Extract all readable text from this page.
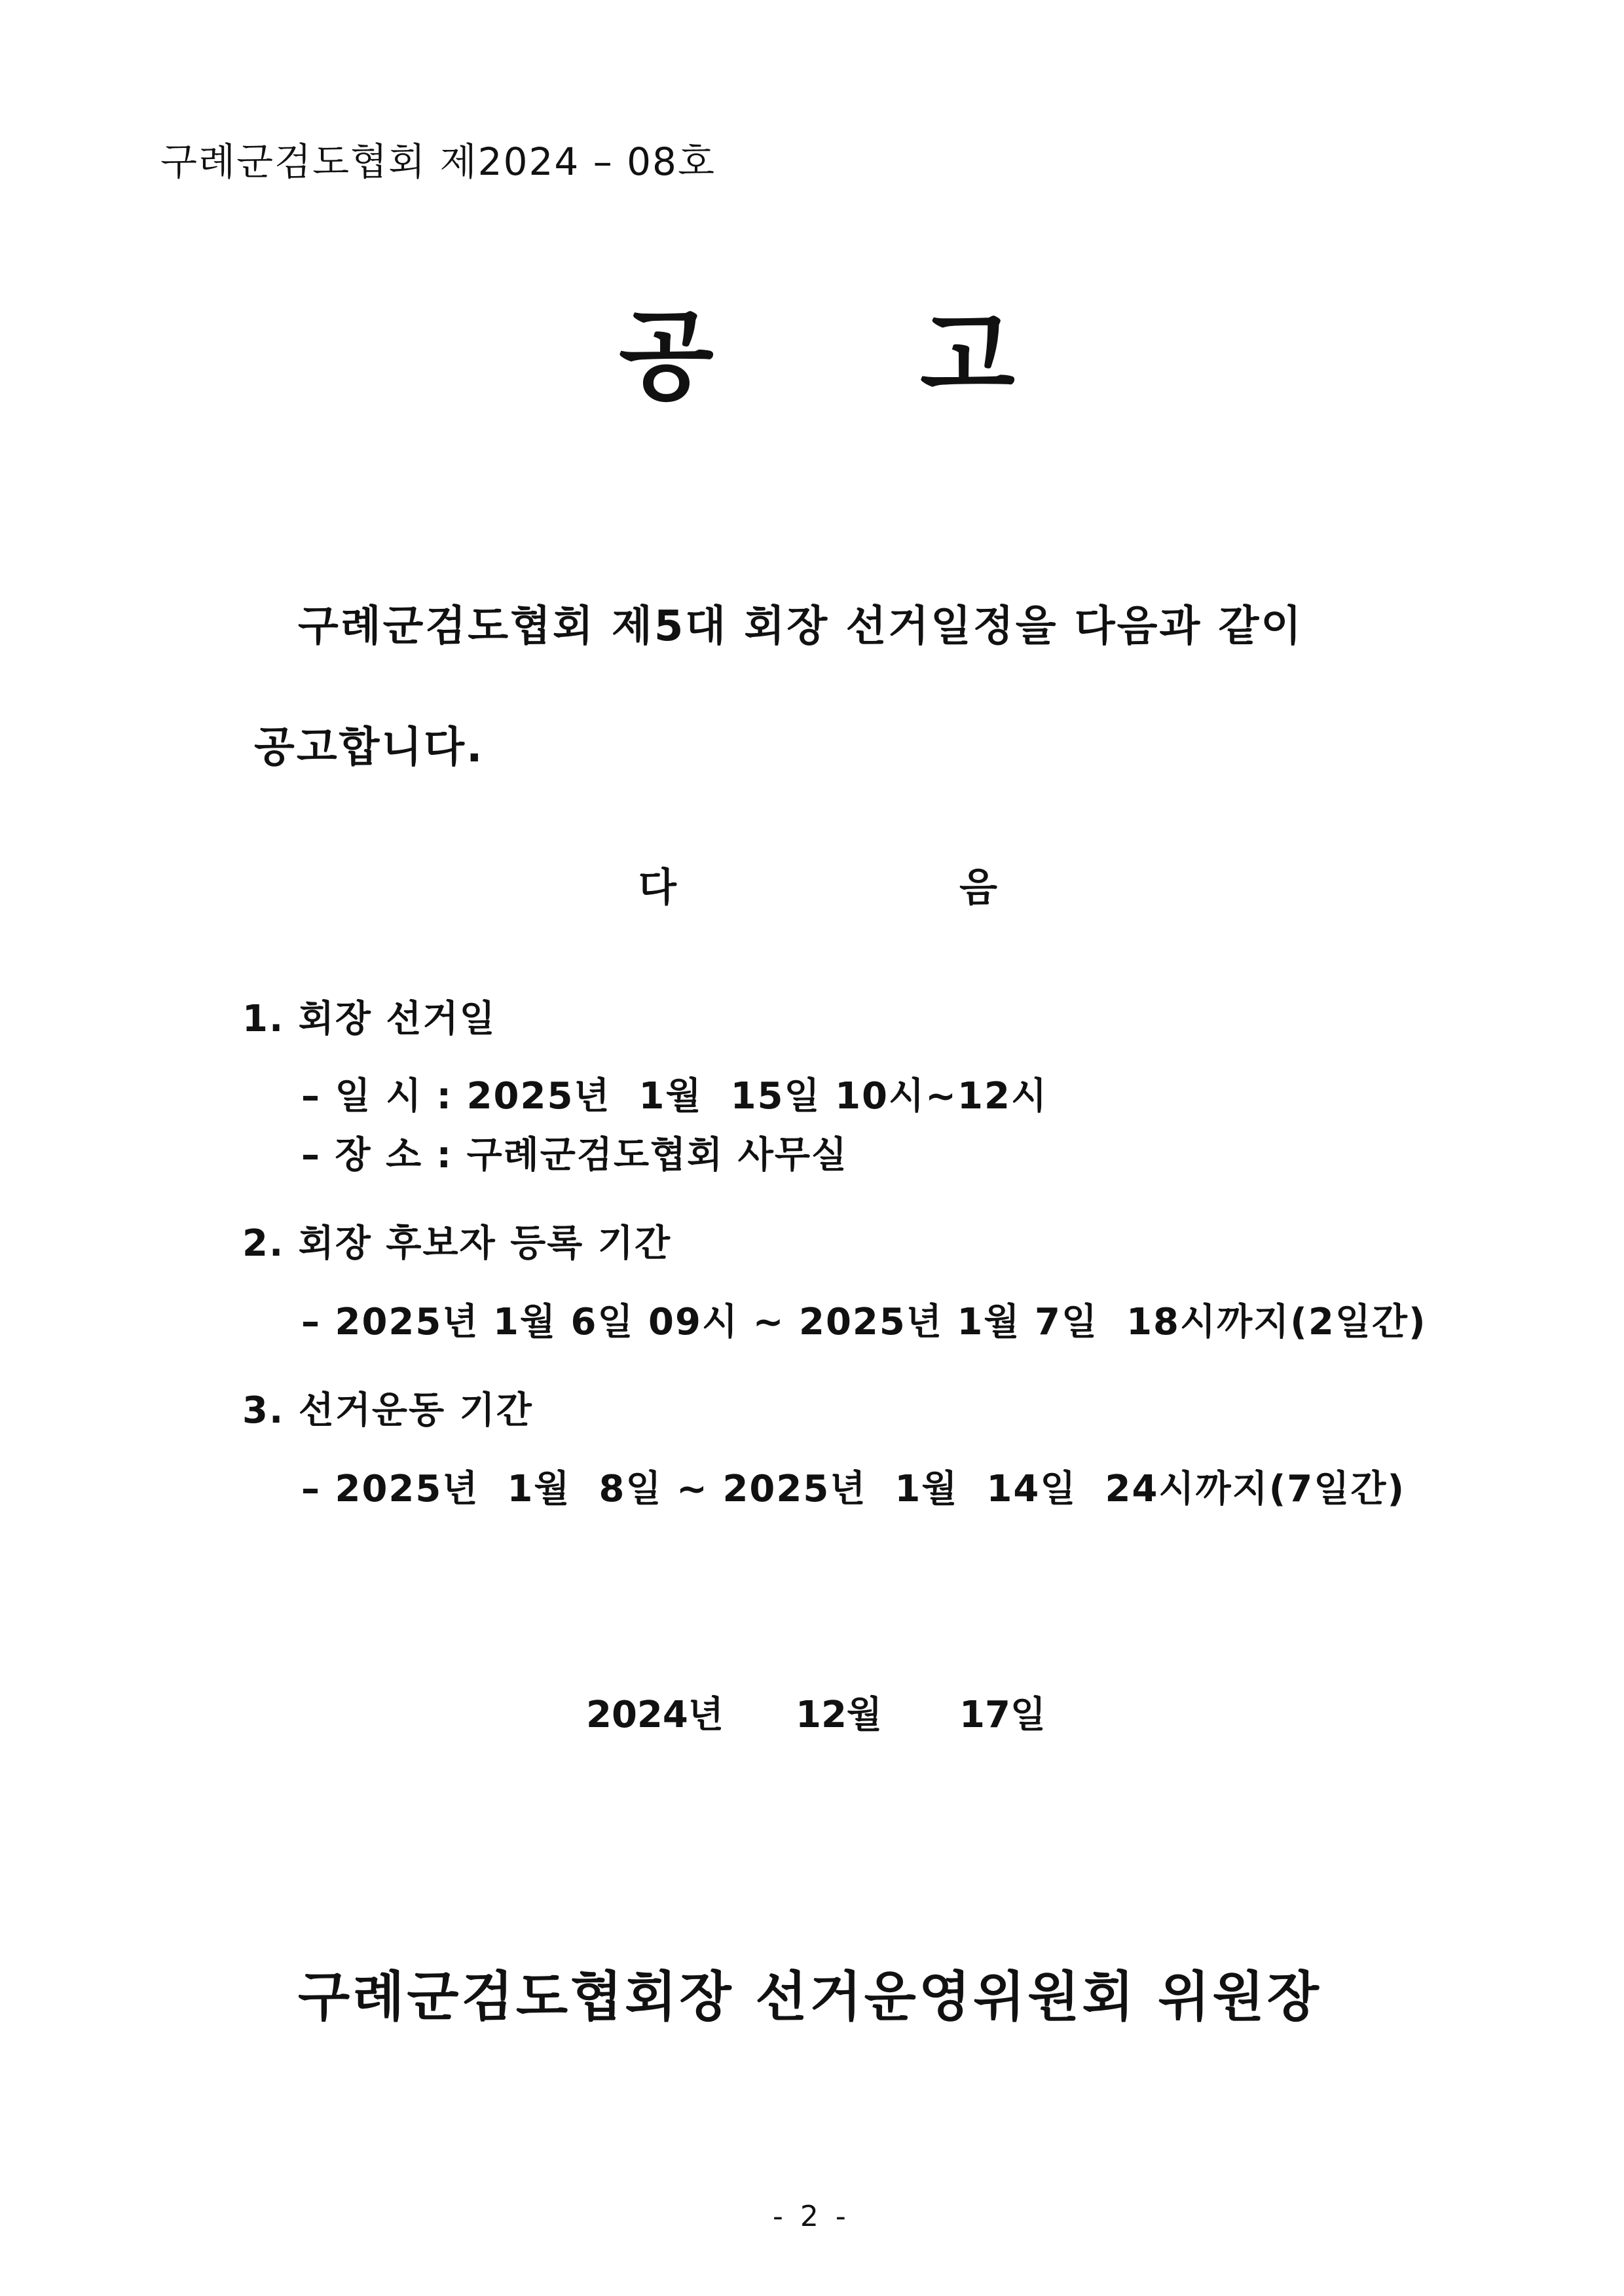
구례군검도협회 제2024 – 08호
공 고
구례군검도협회 제5대 회장 선거일정을 다음과 같이
공고합니다.
다	음
1. 회장 선거일
– 일 시 : 2025년  1월  15일 10시~12시
– 장 소 : 구례군검도협회 사무실
2. 회장 후보자 등록 기간
– 2025년 1월 6일 09시 ~ 2025년 1월 7일  18시까지(2일간)
3. 선거운동 기간
– 2025년  1월  8일 ~ 2025년  1월  14일  24시까지(7일간)
2024년 12월 17일
구례군검도협회장 선거운영위원회 위원장
- 2 -
